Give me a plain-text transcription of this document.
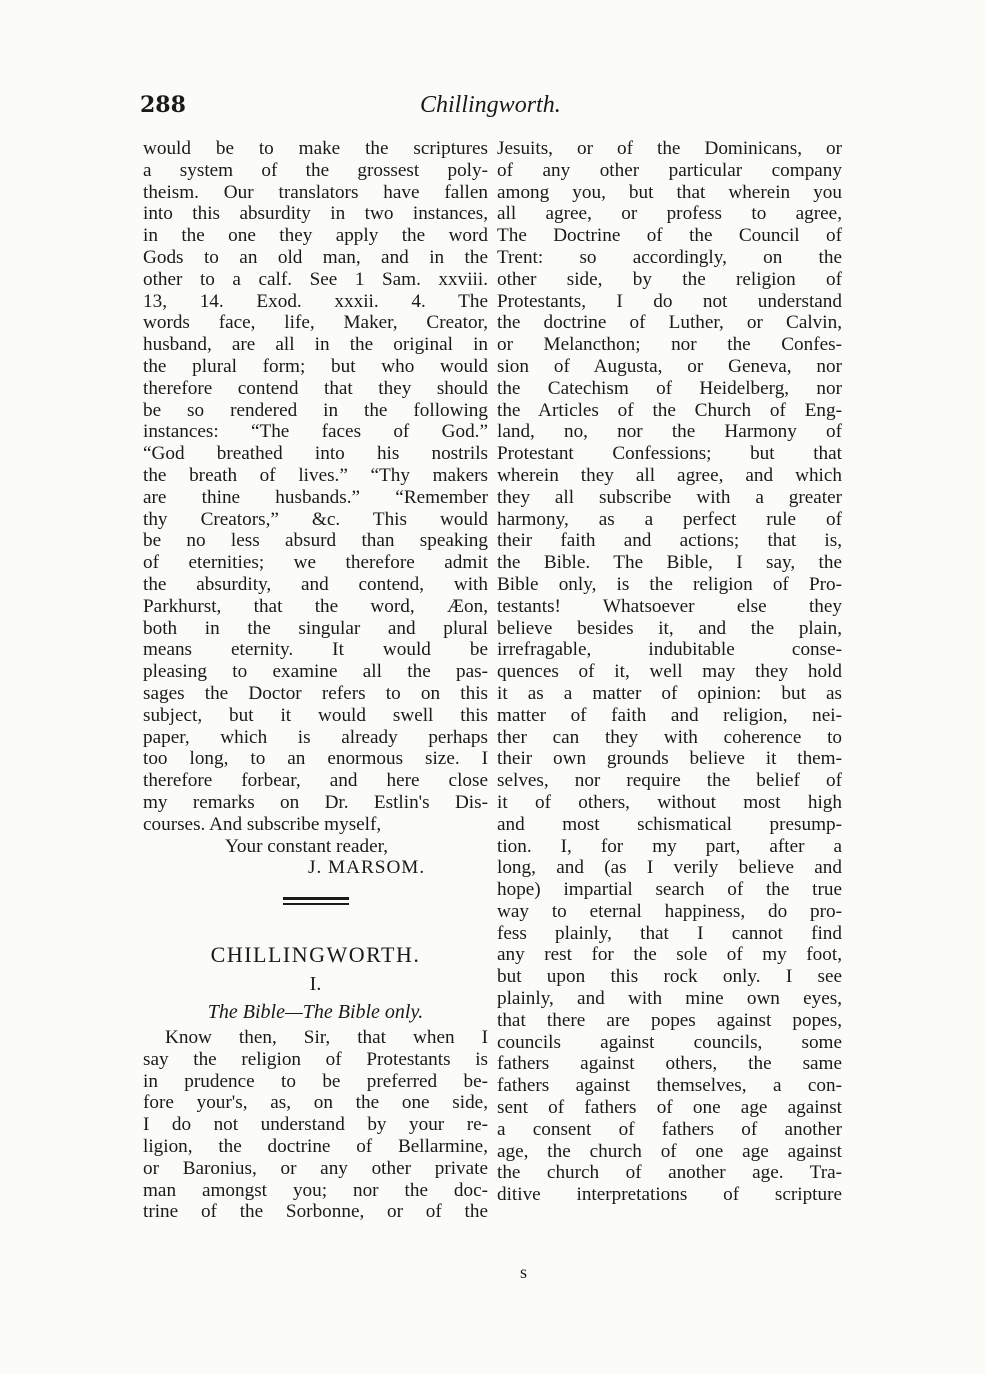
288	Chillingworth.
would be to make the scriptures
a system of the grossest poly-
theism. Our translators have fallen
into this absurdity in two instances,
in the one they apply the word
Gods to an old man, and in the
other to a calf. See 1 Sam. xxviii.
13, 14. Exod. xxxii. 4. The
words face, life, Maker, Creator,
husband, are all in the original in
the plural form; but who would
therefore contend that they should
be so rendered in the following
instances: “The faces of God.”
“God breathed into his nostrils
the breath of lives.” “Thy makers
are thine husbands.” “Remember
thy Creators,” &c. This would
be no less absurd than speaking
of eternities; we therefore admit
the absurdity, and contend, with
Parkhurst, that the word, Æon,
both in the singular and plural
means eternity. It would be
pleasing to examine all the pas-
sages the Doctor refers to on this
subject, but it would swell this
paper, which is already perhaps
too long, to an enormous size. I
therefore forbear, and here close
my remarks on Dr. Estlin's Dis-
courses. And subscribe myself,
Your constant reader,
J. MARSOM.
CHILLINGWORTH.
I.
The Bible—The Bible only.
Know then, Sir, that when I
say the religion of Protestants is
in prudence to be preferred be-
fore your's, as, on the one side,
I do not understand by your re-
ligion, the doctrine of Bellarmine,
or Baronius, or any other private
man amongst you; nor the doc-
trine of the Sorbonne, or of the
Jesuits, or of the Dominicans, or
of any other particular company
among you, but that wherein you
all agree, or profess to agree,
The Doctrine of the Council of
Trent: so accordingly, on the
other side, by the religion of
Protestants, I do not understand
the doctrine of Luther, or Calvin,
or Melancthon; nor the Confes-
sion of Augusta, or Geneva, nor
the Catechism of Heidelberg, nor
the Articles of the Church of Eng-
land, no, nor the Harmony of
Protestant Confessions; but that
wherein they all agree, and which
they all subscribe with a greater
harmony, as a perfect rule of
their faith and actions; that is,
the Bible. The Bible, I say, the
Bible only, is the religion of Pro-
testants! Whatsoever else they
believe besides it, and the plain,
irrefragable, indubitable conse-
quences of it, well may they hold
it as a matter of opinion: but as
matter of faith and religion, nei-
ther can they with coherence to
their own grounds believe it them-
selves, nor require the belief of
it of others, without most high
and most schismatical presump-
tion. I, for my part, after a
long, and (as I verily believe and
hope) impartial search of the true
way to eternal happiness, do pro-
fess plainly, that I cannot find
any rest for the sole of my foot,
but upon this rock only. I see
plainly, and with mine own eyes,
that there are popes against popes,
councils against councils, some
fathers against others, the same
fathers against themselves, a con-
sent of fathers of one age against
a consent of fathers of another
age, the church of one age against
the church of another age. Tra-
ditive interpretations of scripture
s
